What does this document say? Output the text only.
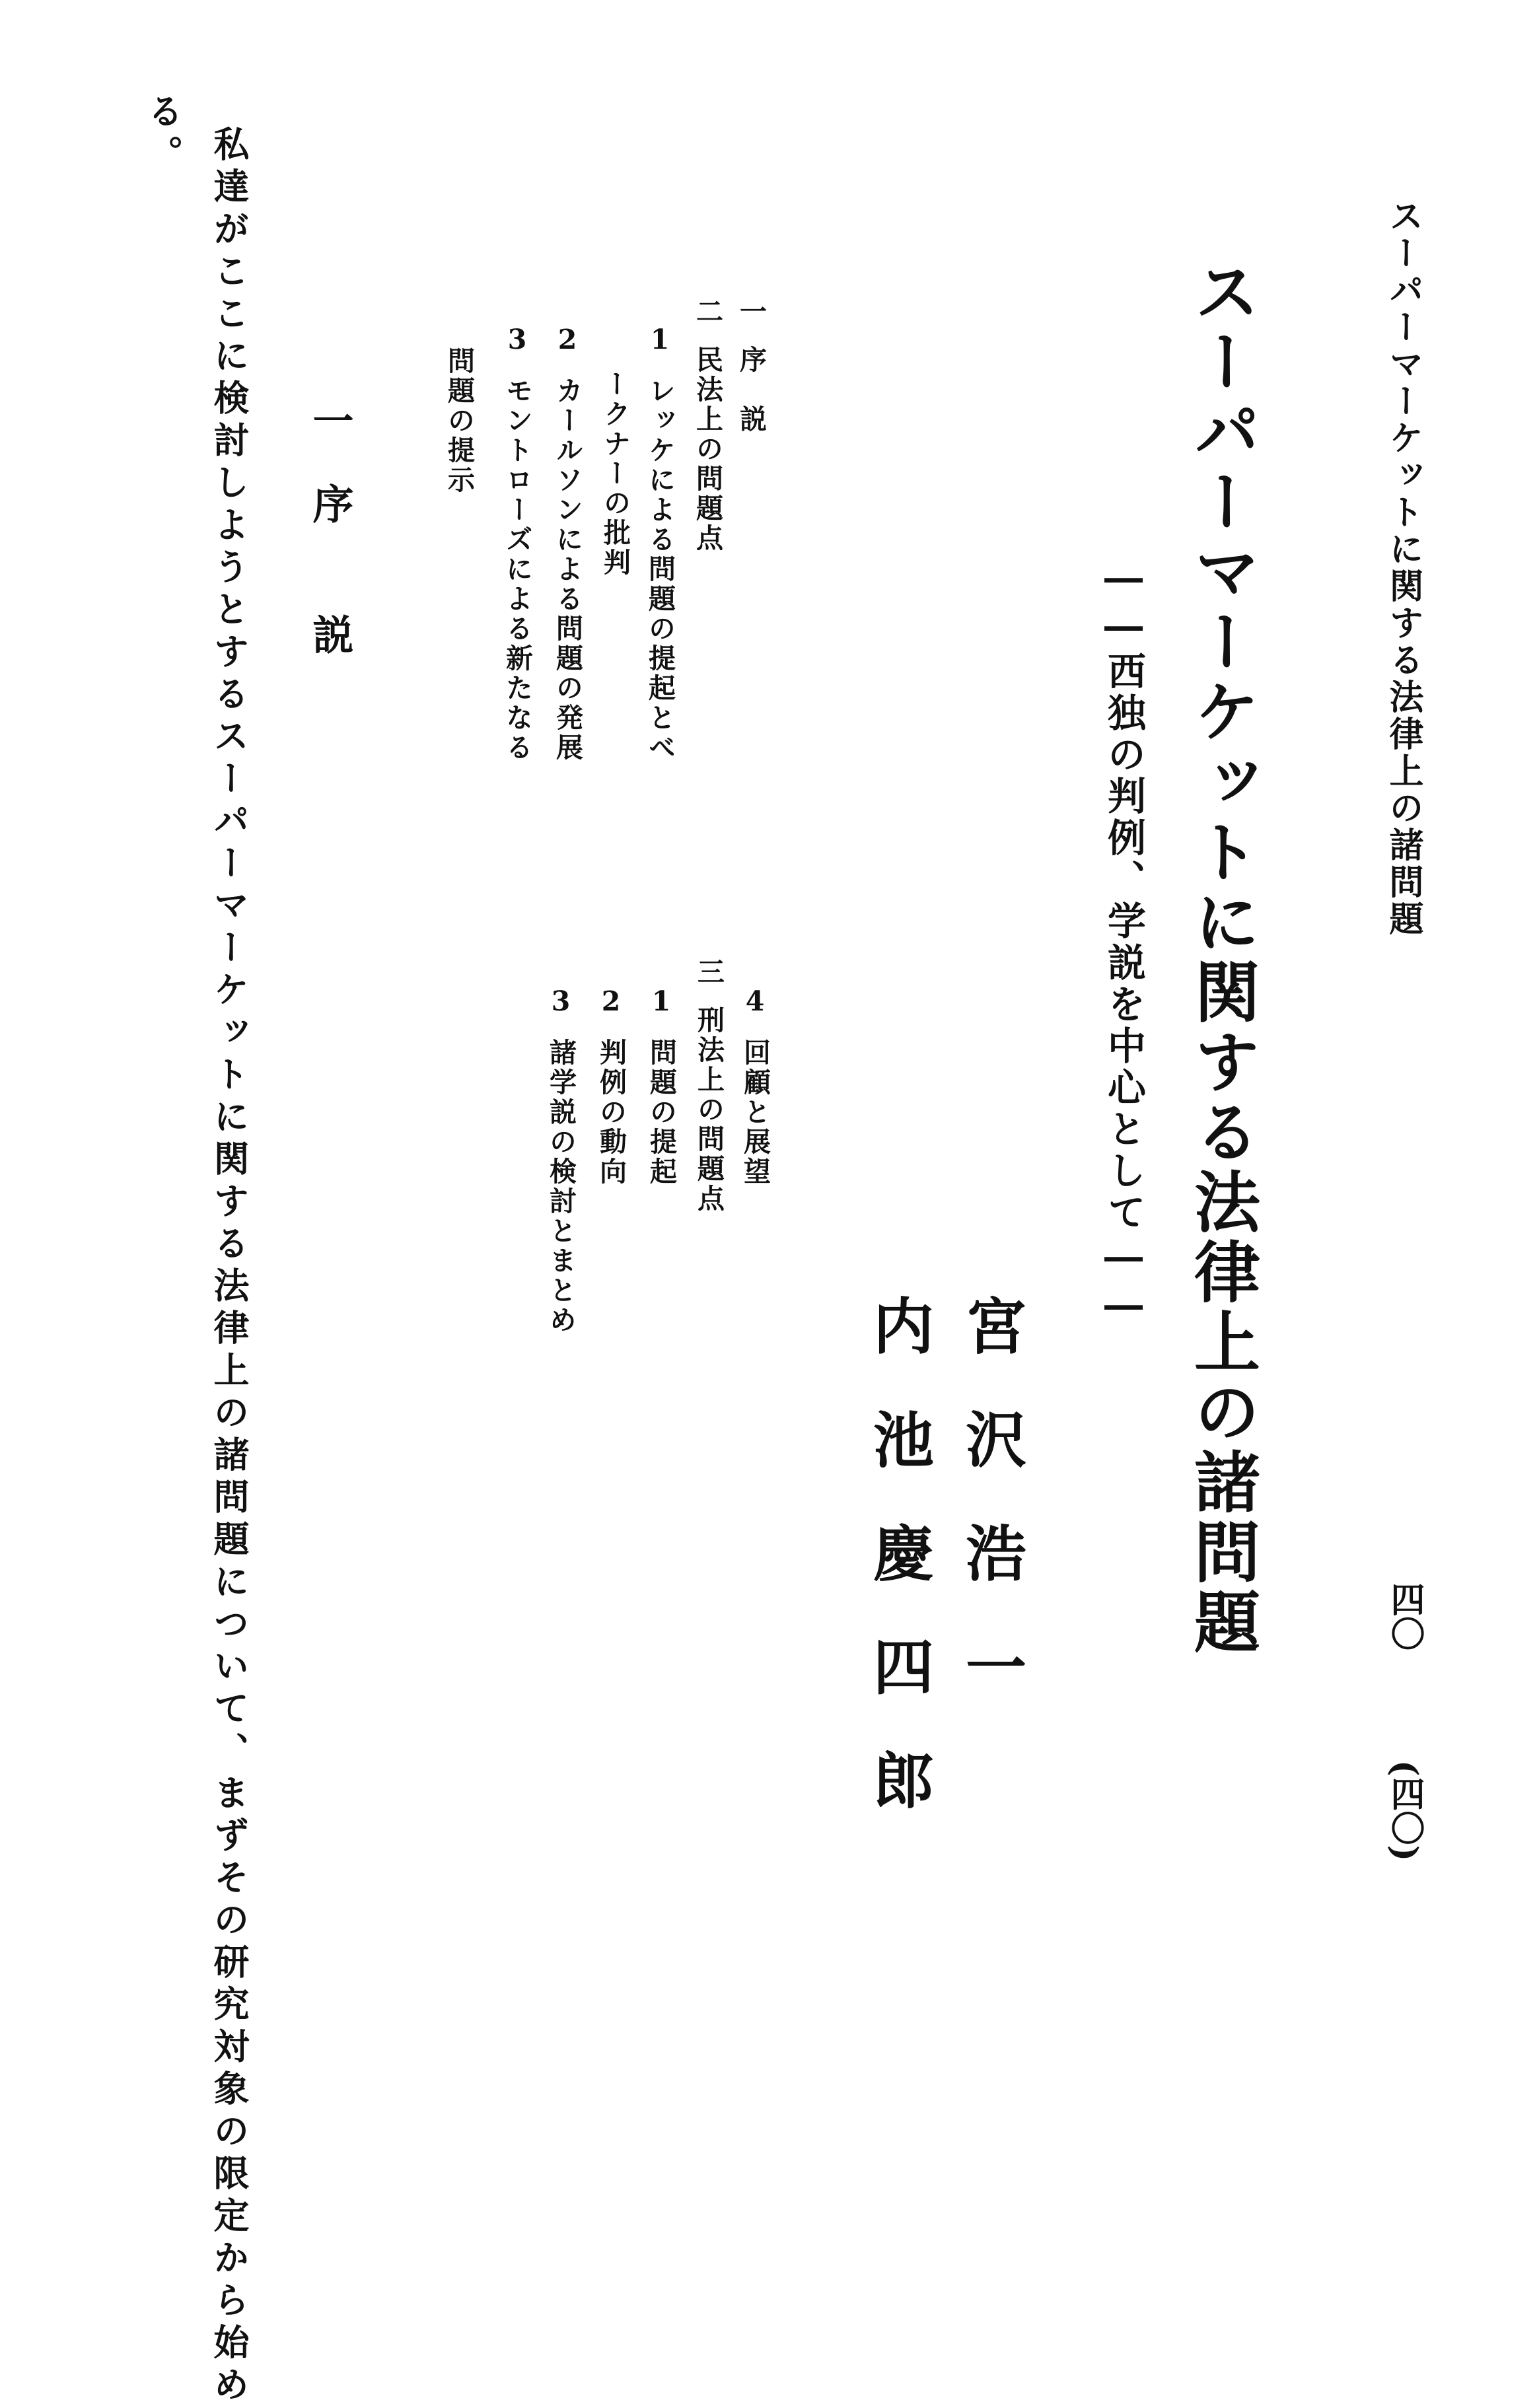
スーパーマーケットに関する法律上の諸問題
四〇
(四〇)
スーパーマーケットに関する法律上の諸問題
――西独の判例、学説を中心として――
宮沢浩一
内池慶四郎
一序　説
二民法上の問題点
1レッケによる問題の提起とべ
ークナーの批判
2カールソンによる問題の発展
3モントローズによる新たなる
問題の提示
4回顧と展望
三刑法上の問題点
1問題の提起
2判例の動向
3諸学説の検討とまとめ
一序　　説
私達がここに検討しようとするスーパーマーケットに関する法律上の諸問題について、まずその研究対象の限定から始め
る。
